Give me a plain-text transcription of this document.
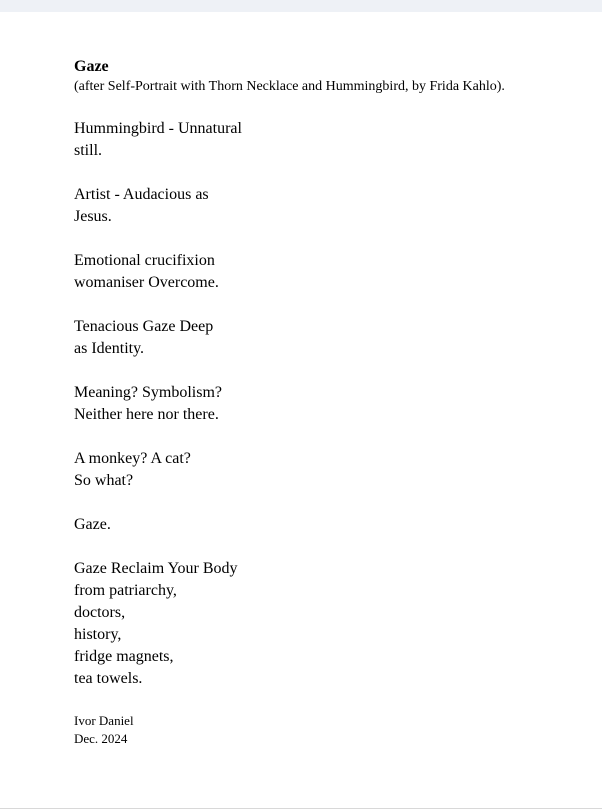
Gaze
(after Self-Portrait with Thorn Necklace and Hummingbird, by Frida Kahlo).
Hummingbird - Unnatural
still.
Artist - Audacious as
Jesus.
Emotional crucifixion
womaniser Overcome.
Tenacious Gaze Deep
as Identity.
Meaning? Symbolism?
Neither here nor there.
A monkey? A cat?
So what?
Gaze.
Gaze Reclaim Your Body
from patriarchy,
doctors,
history,
fridge magnets,
tea towels.
Ivor Daniel
Dec. 2024
